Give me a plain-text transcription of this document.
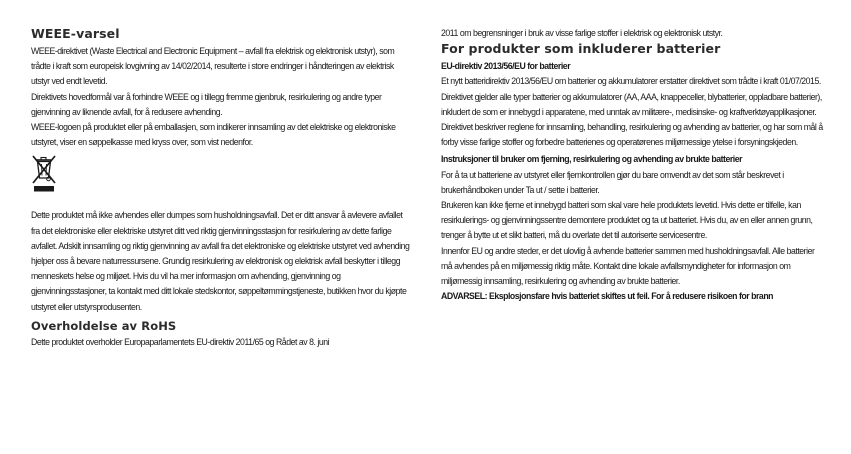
WEEE-varsel

WEEE-direktivet (Waste Electrical and Electronic Equipment – avfall fra elektrisk og elektronisk utstyr), som trådte i kraft som europeisk lovgivning av 14/02/2014, resulterte i store endringer i håndteringen av elektrisk utstyr ved endt levetid.

Direktivets hovedformål var å forhindre WEEE og i tillegg fremme gjenbruk, resirkulering og andre typer gjenvinning av liknende avfall, for å redusere avhending.

WEEE-logoen på produktet eller på emballasjen, som indikerer innsamling av det elektriske og elektroniske utstyret, viser en søppelkasse med kryss over, som vist nedenfor.

Dette produktet må ikke avhendes eller dumpes som husholdningsavfall. Det er ditt ansvar å avlevere avfallet fra det elektroniske eller elektriske utstyret ditt ved riktig gjenvinningsstasjon for resirkulering av dette farlige avfallet. Adskilt innsamling og riktig gjenvinning av avfall fra det elektroniske og elektriske utstyret ved avhending hjelper oss å bevare naturressursene. Grundig resirkulering av elektronisk og elektrisk avfall beskytter i tillegg menneskets helse og miljøet. Hvis du vil ha mer informasjon om avhending, gjenvinning og gjenvinningsstasjoner, ta kontakt med ditt lokale stedskontor, søppeltømmingstjeneste, butikken hvor du kjøpte utstyret eller utstyrsprodusenten.

Overholdelse av RoHS

Dette produktet overholder Europaparlamentets EU-direktiv 2011/65 og Rådet av 8. juni

2011 om begrensninger i bruk av visse farlige stoffer i elektrisk og elektronisk utstyr.

For produkter som inkluderer batterier

EU-direktiv 2013/56/EU for batterier

Et nytt batteridirektiv 2013/56/EU om batterier og akkumulatorer erstatter direktivet som trådte i kraft 01/07/2015. Direktivet gjelder alle typer batterier og akkumulatorer (AA, AAA, knappeceller, blybatterier, oppladbare batterier), inkludert de som er innebygd i apparatene, med unntak av militære-, medisinske- og kraftverktøyapplikasjoner. Direktivet beskriver reglene for innsamling, behandling, resirkulering og avhending av batterier, og har som mål å forby visse farlige stoffer og forbedre batterienes og operatørenes miljømessige ytelse i forsyningskjeden.

Instruksjoner til bruker om fjerning, resirkulering og avhending av brukte batterier

For å ta ut batteriene av utstyret eller fjernkontrollen gjør du bare omvendt av det som står beskrevet i brukerhåndboken under Ta ut / sette i batterier.

Brukeren kan ikke fjerne et innebygd batteri som skal vare hele produktets levetid. Hvis dette er tilfelle, kan resirkulerings- og gjenvinningssentre demontere produktet og ta ut batteriet. Hvis du, av en eller annen grunn, trenger å bytte ut et slikt batteri, må du overlate det til autoriserte servicesentre.

Innenfor EU og andre steder, er det ulovlig å avhende batterier sammen med husholdningsavfall. Alle batterier må avhendes på en miljømessig riktig måte. Kontakt dine lokale avfallsmyndigheter for informasjon om miljømessig innsamling, resirkulering og avhending av brukte batterier.

ADVARSEL: Eksplosjonsfare hvis batteriet skiftes ut feil. For å redusere risikoen for brann
